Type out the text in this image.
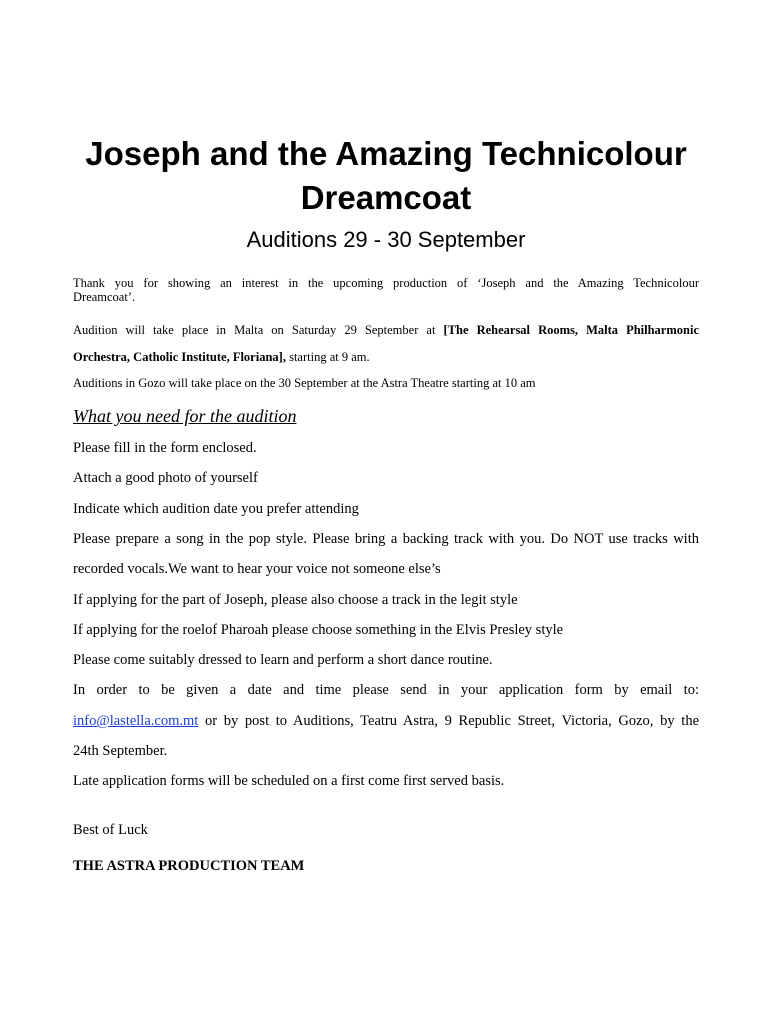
Joseph and the Amazing Technicolour
Dreamcoat
Auditions 29 - 30 September
Thank you for showing an interest in the upcoming production of ‘Joseph and the Amazing Technicolour
Dreamcoat’.
Audition will take place in Malta on Saturday 29 September at [The Rehearsal Rooms, Malta Philharmonic
Orchestra, Catholic Institute, Floriana], starting at 9 am.
Auditions in Gozo will take place on the 30 September at the Astra Theatre starting at 10 am
What you need for the audition
Please fill in the form enclosed.
Attach a good photo of yourself
Indicate which audition date you prefer attending
Please prepare a song in the pop style. Please bring a backing track with you. Do NOT use tracks with
recorded vocals.We want to hear your voice not someone else’s
If applying for the part of Joseph, please also choose a track in the legit style
If applying for the roelof Pharoah please choose something in the Elvis Presley style
Please come suitably dressed to learn and perform a short dance routine.
In order to be given a date and time please send in your application form by email to:
info@lastella.com.mt or by post to Auditions, Teatru Astra, 9 Republic Street, Victoria, Gozo, by the
24th September.
Late application forms will be scheduled on a first come first served basis.
Best of Luck
THE ASTRA PRODUCTION TEAM
